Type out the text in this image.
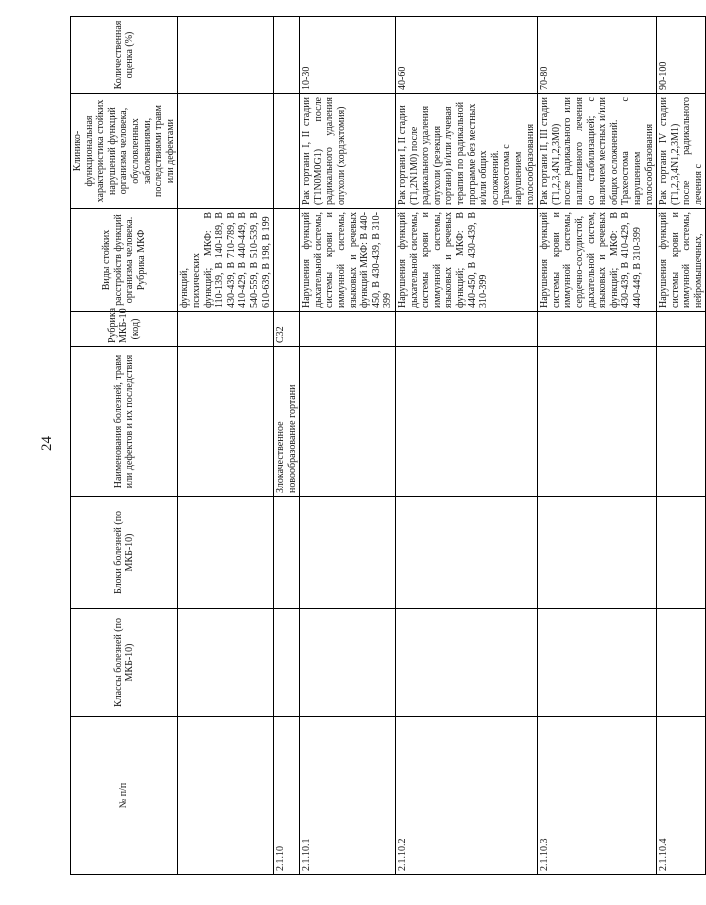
24
№ п/п	Классы болезней (по МКБ-10)	Блоки болезней (по МКБ-10)	Наименования болезней, травм или дефектов и их последствия	Рубрика МКБ-10 (код)	Виды стойких расстройств функций организма человека. Рубрика МКФ	Клинико-функциональная характеристика стойких нарушений функций организма человека, обусловленных заболеваниями, последствиями травм или дефектами	Количественная оценка (%)
					функций, психических функций; МКФ: В 110-139, В 140-189, В 430-439, В 710-789, В 410-429, В 440-449, В 540-559, В 510-539, В 610-639, В 198, В 199		
2.1.10			Злокачественное новообразование гортани	С32			
2.1.10.1					Нарушения функций дыхательной системы, системы крови и иммунной системы, языковых и речевых функций МКФ: В 440-450, В 430-439, В 310-399	Рак гортани I, II стадии (T1N0M0G1) после радикального удаления опухоли (хордэктомия)	10-30
2.1.10.2					Нарушения функций дыхательной системы, системы крови и иммунной системы, языковых и речевых функций; МКФ: В 440-450, В 430-439, В 310-399	Рак гортани I, II стадии (T1,2N1M0) после радикального удаления опухоли (резекция гортани) и/или лучевая терапия по радикальной программе без местных и/или общих осложнений. Трахеостома с нарушением голосообразования	40-60
2.1.10.3					Нарушения функций системы крови и иммунной системы, сердечно-сосудистой, дыхательной систем, языковых и речевых функций; МКФ: В 430-439, В 410-429, В 440-449, В 310-399	Рак гортани II, III стадии (T1,2,3,4N1,2,3M0) после радикального или паллиативного лечения со стабилизацией; с наличием местных и/или общих осложнений. Трахеостома с нарушением голосообразования	70-80
2.1.10.4					Нарушения функций системы крови и иммунной системы, нейромышечных,	Рак гортани IV стадии (T1,2,3,4N1,2,3M1) после радикального лечения с	90-100
